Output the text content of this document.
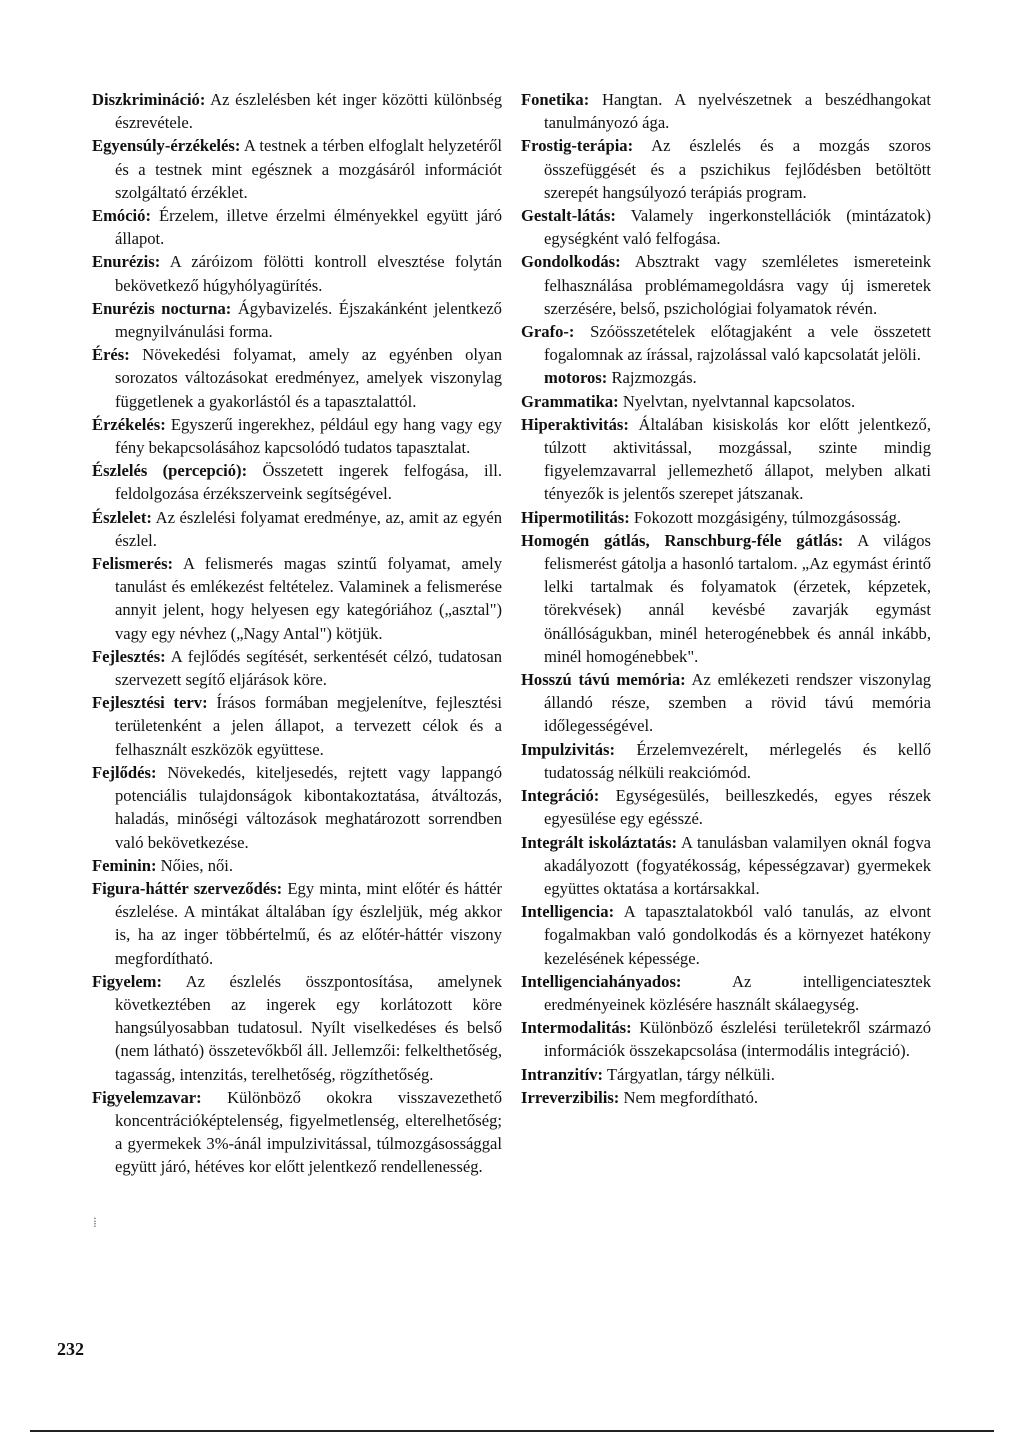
Diszkrimináció: Az észlelésben két inger közötti különbség észrevétele.

Egyensúly-érzékelés: A testnek a térben elfoglalt helyzetéről és a testnek mint egésznek a mozgásáról információt szolgáltató érzéklet.

Emóció: Érzelem, illetve érzelmi élményekkel együtt járó állapot.

Enurézis: A záróizom fölötti kontroll elvesztése folytán bekövetkező húgyhólyagürítés.

Enurézis nocturna: Ágybavizelés. Éjszakánként jelentkező megnyilvánulási forma.

Érés: Növekedési folyamat, amely az egyénben olyan sorozatos változásokat eredményez, amelyek viszonylag függetlenek a gyakorlástól és a tapasztalattól.

Érzékelés: Egyszerű ingerekhez, például egy hang vagy egy fény bekapcsolásához kapcsolódó tudatos tapasztalat.

Észlelés (percepció): Összetett ingerek felfogása, ill. feldolgozása érzékszerveink segítségével.

Észlelet: Az észlelési folyamat eredménye, az, amit az egyén észlel.

Felismerés: A felismerés magas szintű folyamat, amely tanulást és emlékezést feltételez. Valaminek a felismerése annyit jelent, hogy helyesen egy kategóriához („asztal") vagy egy névhez („Nagy Antal") kötjük.

Fejlesztés: A fejlődés segítését, serkentését célzó, tudatosan szervezett segítő eljárások köre.

Fejlesztési terv: Írásos formában megjelenítve, fejlesztési területenként a jelen állapot, a tervezett célok és a felhasznált eszközök együttese.

Fejlődés: Növekedés, kiteljesedés, rejtett vagy lappangó potenciális tulajdonságok kibontakoztatása, átváltozás, haladás, minőségi változások meghatározott sorrendben való bekövetkezése.

Feminin: Nőies, női.

Figura-háttér szerveződés: Egy minta, mint előtér és háttér észlelése. A mintákat általában így észleljük, még akkor is, ha az inger többértelmű, és az előtér-háttér viszony megfordítható.

Figyelem: Az észlelés összpontosítása, amelynek következtében az ingerek egy korlátozott köre hangsúlyosabban tudatosul. Nyílt viselkedéses és belső (nem látható) összetevőkből áll. Jellemzői: felkelthetőség, tagasság, intenzitás, terelhetőség, rögzíthetőség.

Figyelemzavar: Különböző okokra visszavezethető koncentrációképtelenség, figyelmetlenség, elterelhetőség; a gyermekek 3%-ánál impulzivitással, túlmozgásossággal együtt járó, hétéves kor előtt jelentkező rendellenesség.

Fonetika: Hangtan. A nyelvészetnek a beszédhangokat tanulmányozó ága.

Frostig-terápia: Az észlelés és a mozgás szoros összefüggését és a pszichikus fejlődésben betöltött szerepét hangsúlyozó terápiás program.

Gestalt-látás: Valamely ingerkonstellációk (mintázatok) egységként való felfogása.

Gondolkodás: Absztrakt vagy szemléletes ismereteink felhasználása problémamegoldásra vagy új ismeretek szerzésére, belső, pszichológiai folyamatok révén.

Grafo-: Szóösszetételek előtagjaként a vele összetett fogalomnak az írással, rajzolással való kapcsolatát jelöli.

motoros: Rajzmozgás.

Grammatika: Nyelvtan, nyelvtannal kapcsolatos.

Hiperaktivitás: Általában kisiskolás kor előtt jelentkező, túlzott aktivitással, mozgással, szinte mindig figyelemzavarral jellemezhető állapot, melyben alkati tényezők is jelentős szerepet játszanak.

Hipermotilitás: Fokozott mozgásigény, túlmozgásosság.

Homogén gátlás, Ranschburg-féle gátlás: A világos felismerést gátolja a hasonló tartalom. „Az egymást érintő lelki tartalmak és folyamatok (érzetek, képzetek, törekvések) annál kevésbé zavarják egymást önállóságukban, minél heterogénebbek és annál inkább, minél homogénebbek".

Hosszú távú memória: Az emlékezeti rendszer viszonylag állandó része, szemben a rövid távú memória időlegességével.

Impulzivitás: Érzelemvezérelt, mérlegelés és kellő tudatosság nélküli reakciómód.

Integráció: Egységesülés, beilleszkedés, egyes részek egyesülése egy egésszé.

Integrált iskoláztatás: A tanulásban valamilyen oknál fogva akadályozott (fogyatékosság, képességzavar) gyermekek együttes oktatása a kortársakkal.

Intelligencia: A tapasztalatokból való tanulás, az elvont fogalmakban való gondolkodás és a környezet hatékony kezelésének képessége.

Intelligenciahányados: Az intelligenciatesztek eredményeinek közlésére használt skálaegység.

Intermodalitás: Különböző észlelési területekről származó információk összekapcsolása (intermodális integráció).

Intranzitív: Tárgyatlan, tárgy nélküli.

Irreverzibilis: Nem megfordítható.

232
⁞
